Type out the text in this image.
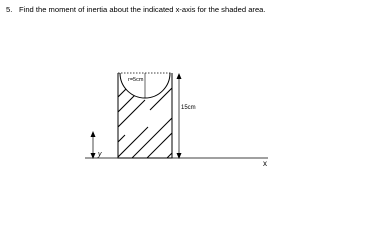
5. Find the moment of inertia about the indicated x-axis for the shaded area.
r=5cm
15cm
y
x
